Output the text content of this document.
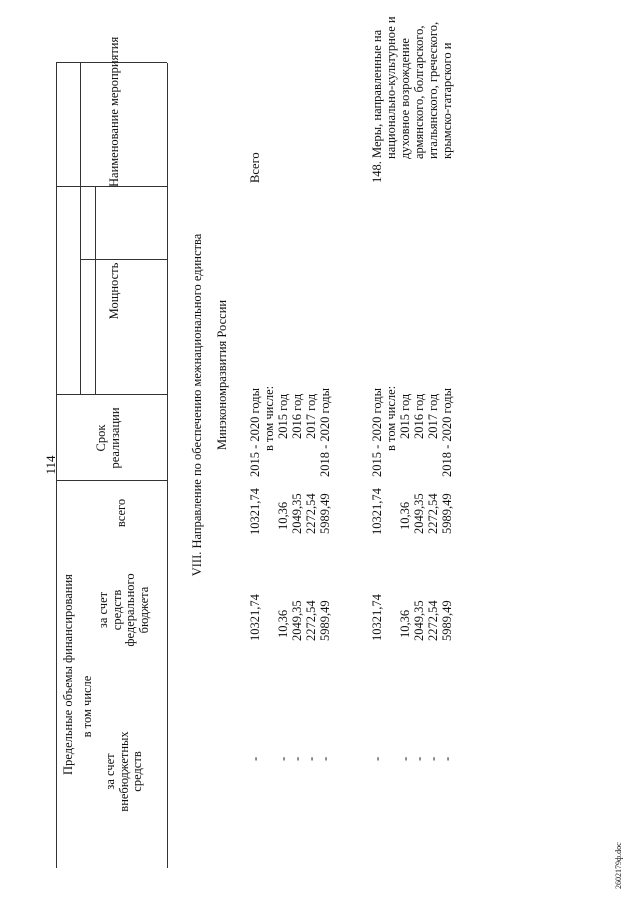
114
Наименование мероприятия
Мощность
Срок реализации
Предельные объемы финансирования
всего
в том числе
за счет средств федерального бюджета
за счет внебюджетных средств
VIII. Направление по обеспечению межнационального единства Минэкономразвития России
Всего
2015 - 2020 годы в том числе: 2015 год 2016 год 2017 год 2018 - 2020 годы
10321,74 10,36 2049,35 2272,54 5989,49
10321,74 10,36 2049,35 2272,54 5989,49
- - - - -
148. Меры, направленные на национально-культурное и духовное возрождение армянского, болгарского, итальянского, греческого, крымско-татарского и
2015 - 2020 годы в том числе: 2015 год 2016 год 2017 год 2018 - 2020 годы
10321,74 10,36 2049,35 2272,54 5989,49
10321,74 10,36 2049,35 2272,54 5989,49
- - - - -
2602179ф.doc
